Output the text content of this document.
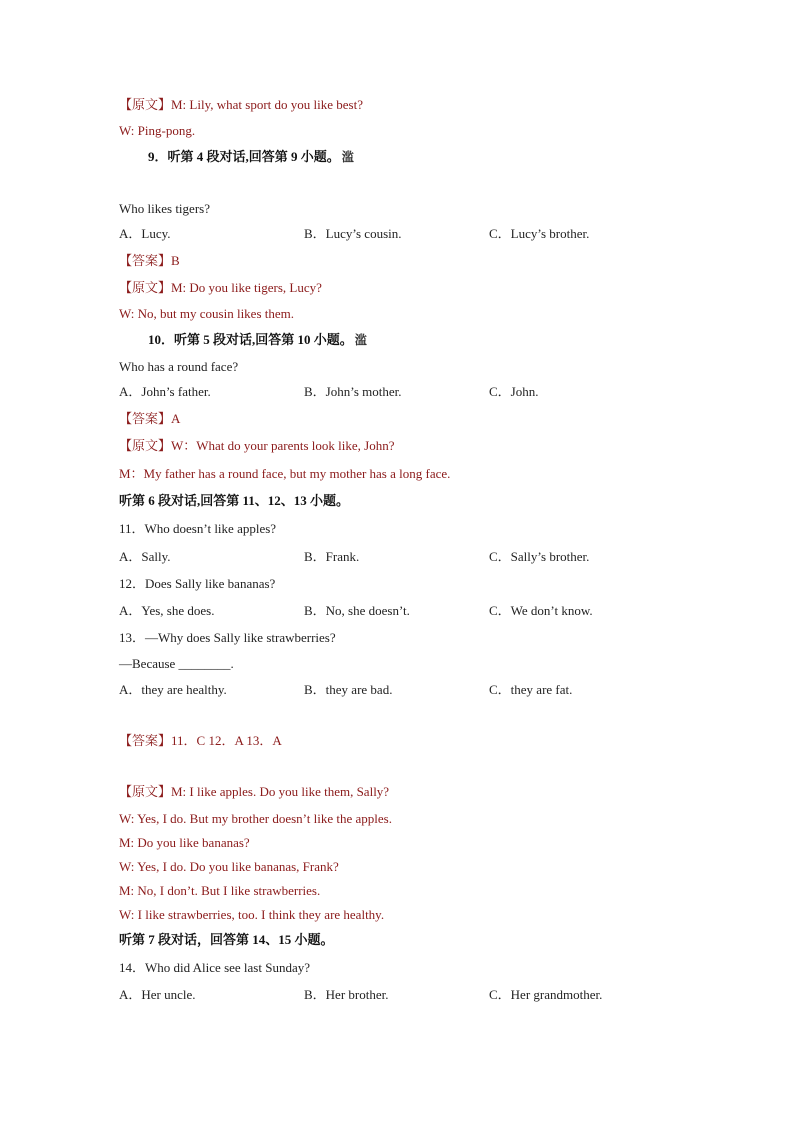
【原文】M: Lily, what sport do you like best?
W: Ping-pong.
9．听第 4 段对话,回答第 9 小题。 滥
Who likes tigers?
A．Lucy.	B．Lucy’s cousin.	C．Lucy’s brother.
【答案】B
【原文】M: Do you like tigers, Lucy?
W: No, but my cousin likes them.
10．听第 5 段对话,回答第 10 小题。 滥
Who has a round face?
A．John’s father.	B．John’s mother.	C．John.
【答案】A
【原文】W：What do your parents look like, John?
M：My father has a round face, but my mother has a long face.
听第 6 段对话,回答第 11、12、13 小题。
11．Who doesn’t like apples?
A．Sally.	B．Frank.	C．Sally’s brother.
12．Does Sally like bananas?
A．Yes, she does.	B．No, she doesn’t.	C．We don’t know.
13．—Why does Sally like strawberries?
—Because ________.
A．they are healthy.	B．they are bad.	C．they are fat.
【答案】11．C 12．A 13．A
【原文】M: I like apples. Do you like them, Sally?
W: Yes, I do. But my brother doesn’t like the apples.
M: Do you like bananas?
W: Yes, I do. Do you like bananas, Frank?
M: No, I don’t. But I like strawberries.
W: I like strawberries, too. I think they are healthy.
听第 7 段对话，回答第 14、15 小题。
14．Who did Alice see last Sunday?
A．Her uncle.	B．Her brother.	C．Her grandmother.
